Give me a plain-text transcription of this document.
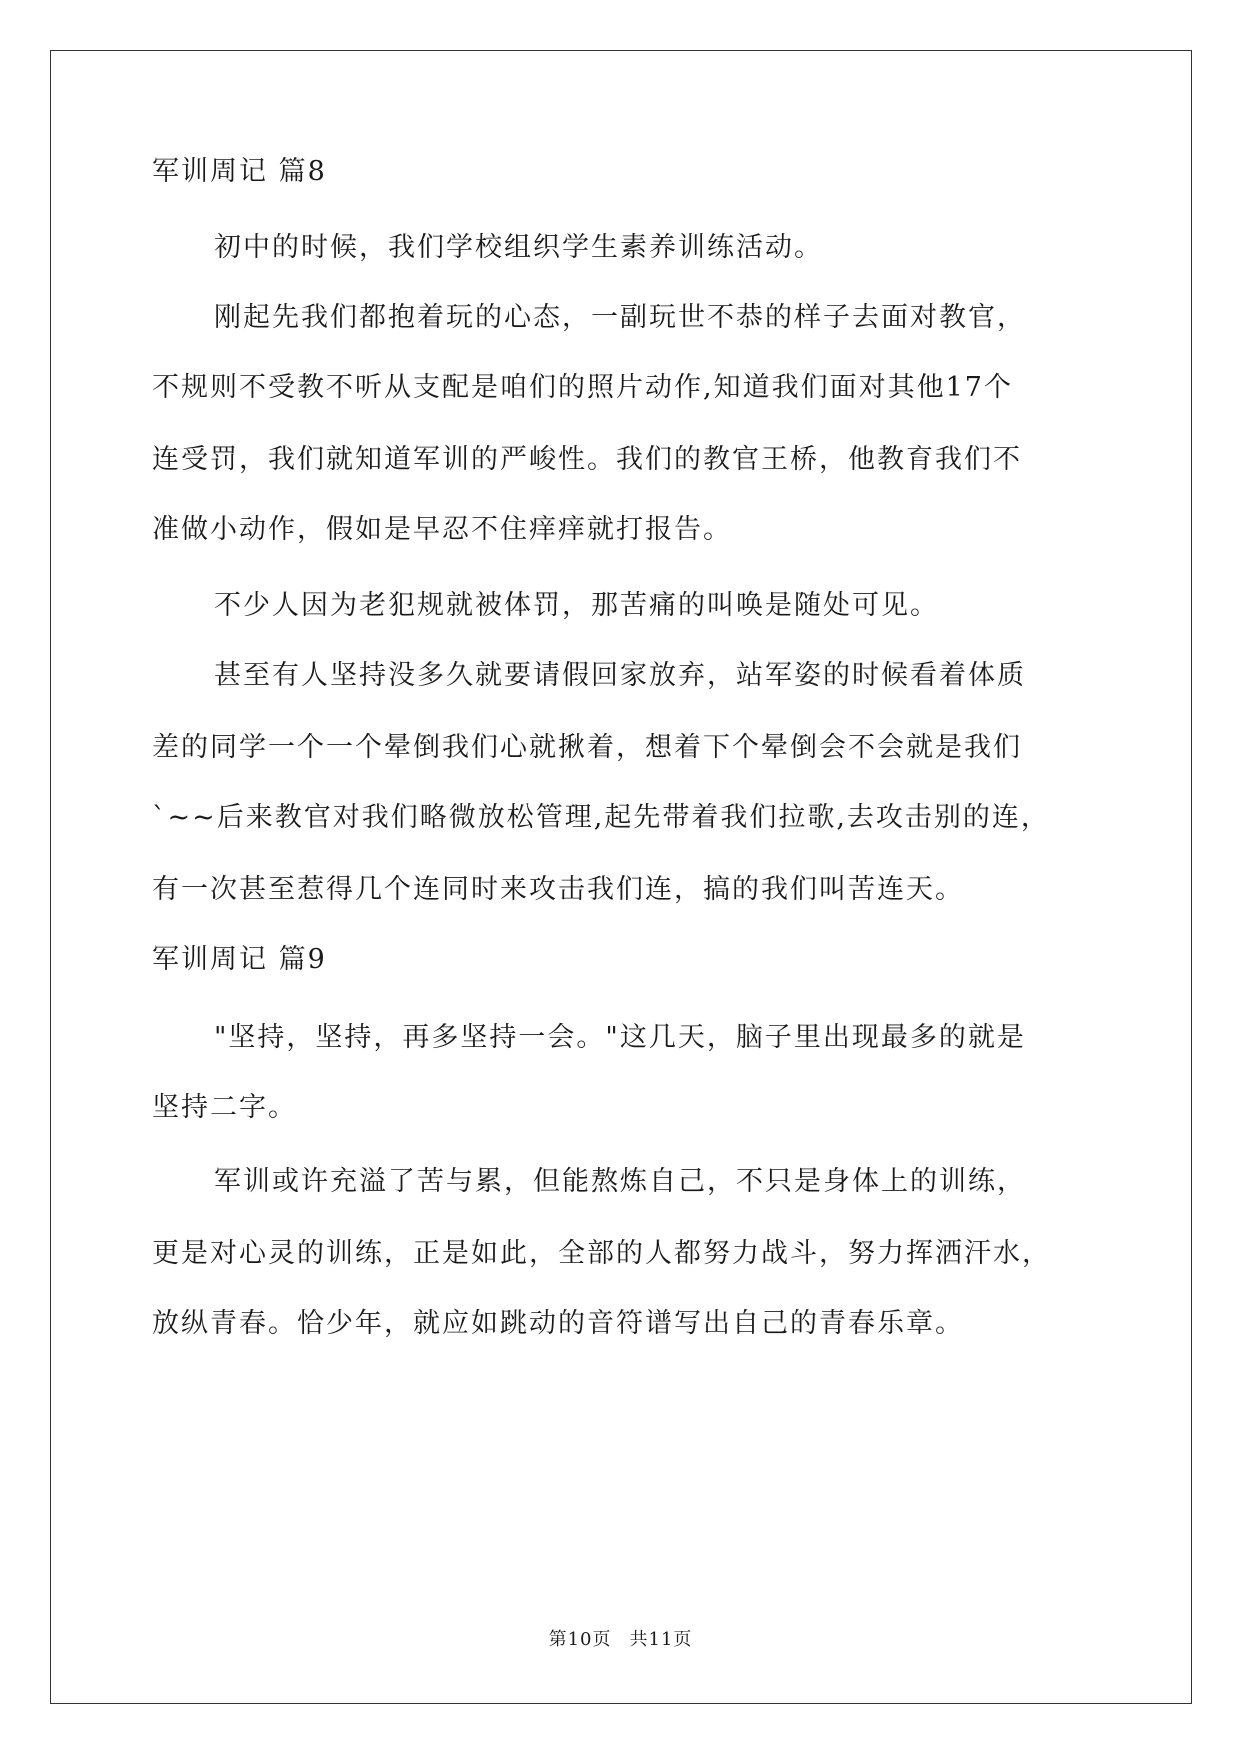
军训周记 篇8
初中的时候，我们学校组织学生素养训练活动。
刚起先我们都抱着玩的心态，一副玩世不恭的样子去面对教官，
不规则不受教不听从支配是咱们的照片动作,知道我们面对其他17个
连受罚，我们就知道军训的严峻性。我们的教官王桥，他教育我们不
准做小动作，假如是早忍不住痒痒就打报告。
不少人因为老犯规就被体罚，那苦痛的叫唤是随处可见。
甚至有人坚持没多久就要请假回家放弃，站军姿的时候看着体质
差的同学一个一个晕倒我们心就揪着，想着下个晕倒会不会就是我们
`~~后来教官对我们略微放松管理,起先带着我们拉歌,去攻击别的连，
有一次甚至惹得几个连同时来攻击我们连，搞的我们叫苦连天。
军训周记 篇9
"坚持，坚持，再多坚持一会。"这几天，脑子里出现最多的就是
坚持二字。
军训或许充溢了苦与累，但能熬炼自己，不只是身体上的训练，
更是对心灵的训练，正是如此，全部的人都努力战斗，努力挥洒汗水，
放纵青春。恰少年，就应如跳动的音符谱写出自己的青春乐章。
第10页 共11页
